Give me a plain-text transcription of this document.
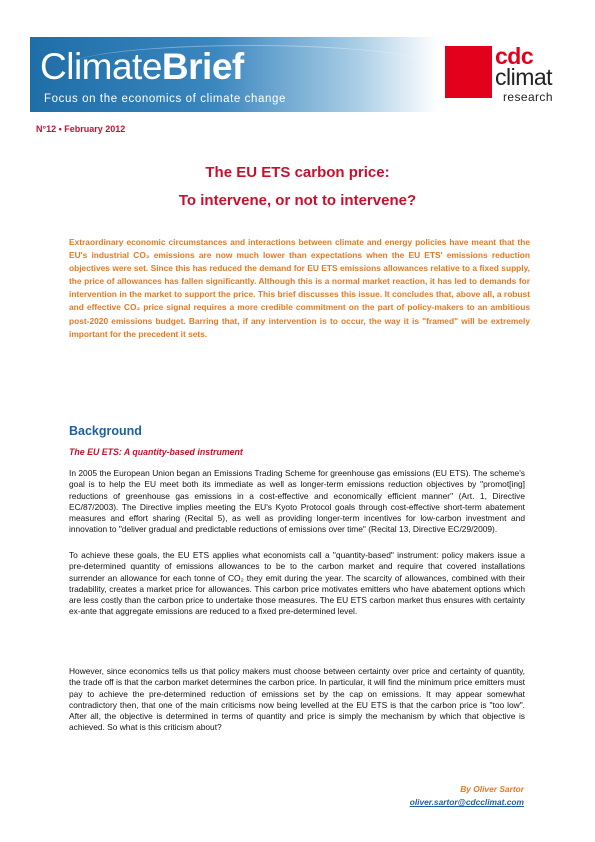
ClimateBrief
Focus on the economics of climate change
cdc
climat
research
N°12 • February 2012
The EU ETS carbon price:
To intervene, or not to intervene?

Extraordinary economic circumstances and interactions between climate and energy policies have meant that the EU's industrial CO₂ emissions are now much lower than expectations when the EU ETS' emissions reduction objectives were set. Since this has reduced the demand for EU ETS emissions allowances relative to a fixed supply, the price of allowances has fallen significantly. Although this is a normal market reaction, it has led to demands for intervention in the market to support the price. This brief discusses this issue. It concludes that, above all, a robust and effective CO₂ price signal requires a more credible commitment on the part of policy-makers to an ambitious post-2020 emissions budget. Barring that, if any intervention is to occur, the way it is "framed" will be extremely important for the precedent it sets.

Background
The EU ETS: A quantity-based instrument

In 2005 the European Union began an Emissions Trading Scheme for greenhouse gas emissions (EU ETS). The scheme's goal is to help the EU meet both its immediate as well as longer-term emissions reduction objectives by "promot[ing] reductions of greenhouse gas emissions in a cost-effective and economically efficient manner" (Art. 1, Directive EC/87/2003). The Directive implies meeting the EU's Kyoto Protocol goals through cost-effective short-term abatement measures and effort sharing (Recital 5), as well as providing longer-term incentives for low-carbon investment and innovation to "deliver gradual and predictable reductions of emissions over time" (Recital 13, Directive EC/29/2009).

To achieve these goals, the EU ETS applies what economists call a "quantity-based" instrument: policy makers issue a pre-determined quantity of emissions allowances to be to the carbon market and require that covered installations surrender an allowance for each tonne of CO₂ they emit during the year. The scarcity of allowances, combined with their tradability, creates a market price for allowances. This carbon price motivates emitters who have abatement options which are less costly than the carbon price to undertake those measures. The EU ETS carbon market thus ensures with certainty ex-ante that aggregate emissions are reduced to a fixed pre-determined level.

However, since economics tells us that policy makers must choose between certainty over price and certainty of quantity, the trade off is that the carbon market determines the carbon price. In particular, it will find the minimum price emitters must pay to achieve the pre-determined reduction of emissions set by the cap on emissions. It may appear somewhat contradictory then, that one of the main criticisms now being levelled at the EU ETS is that the carbon price is "too low". After all, the objective is determined in terms of quantity and price is simply the mechanism by which that objective is achieved. So what is this criticism about?

By Oliver Sartor
oliver.sartor@cdcclimat.com
